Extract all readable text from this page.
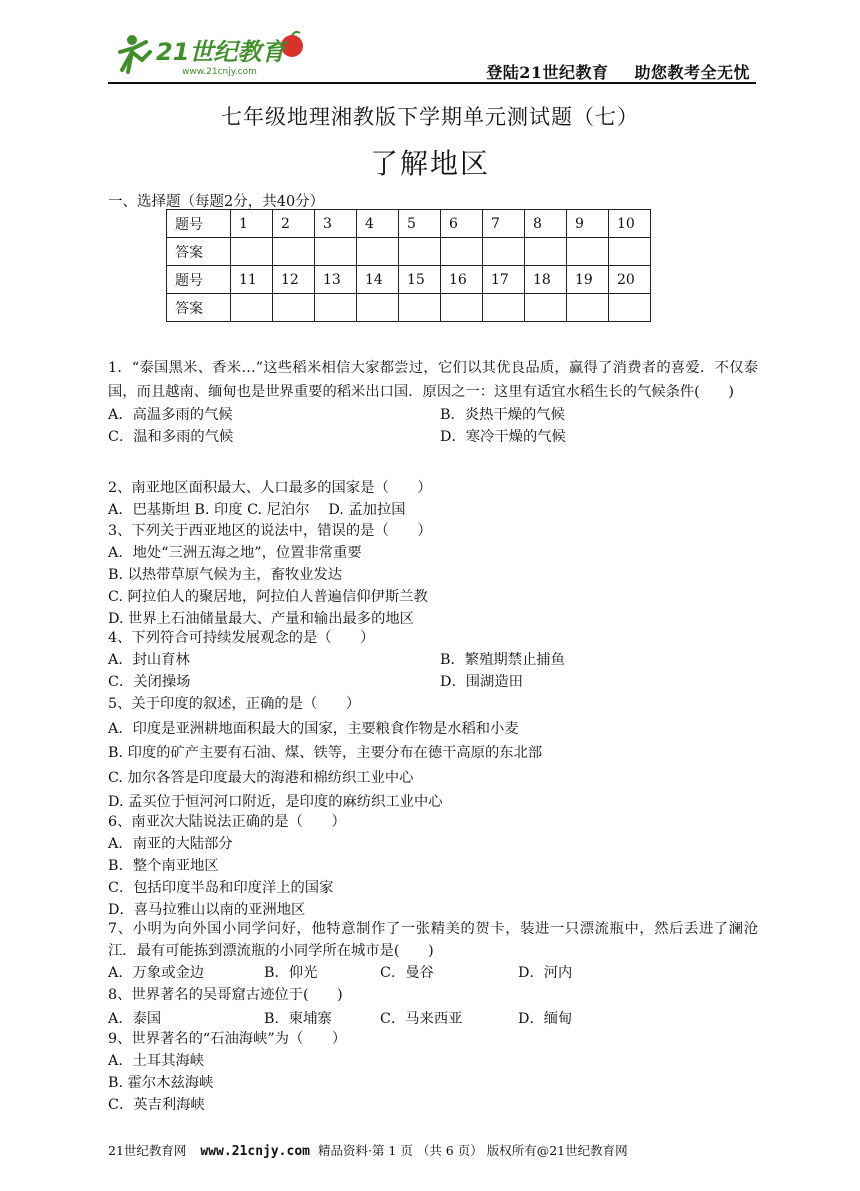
21世纪教育
www.21cnjy.com	登陆21世纪教育 助您教考全无忧
七年级地理湘教版下学期单元测试题（七）
了解地区
一、选择题（每题2分，共40分）
题号	1	2	3	4	5	6	7	8	9	10
答案										
题号	11	12	13	14	15	16	17	18	19	20
答案										

1．“泰国黑米、香米…”这些稻米相信大家都尝过，它们以其优良品质，赢得了消费者的喜爱．不仅泰国，而且越南、缅甸也是世界重要的稻米出口国．原因之一：这里有适宜水稻生长的气候条件(　　)

A．高温多雨的气候	B．炎热干燥的气候
C．温和多雨的气候	D．寒冷干燥的气候

2、南亚地区面积最大、人口最多的国家是（　　）

A．巴基斯坦 B. 印度 C. 尼泊尔　 D. 孟加拉国

3、下列关于西亚地区的说法中，错误的是（　　）

A．地处“三洲五海之地”，位置非常重要

B. 以热带草原气候为主，畜牧业发达

C. 阿拉伯人的聚居地，阿拉伯人普遍信仰伊斯兰教

D. 世界上石油储量最大、产量和输出最多的地区

4、下列符合可持续发展观念的是（　　）

A．封山育林	B．繁殖期禁止捕鱼
C．关闭操场	D．围湖造田

5、关于印度的叙述，正确的是（　　）

A．印度是亚洲耕地面积最大的国家，主要粮食作物是水稻和小麦

B. 印度的矿产主要有石油、煤、铁等，主要分布在德干高原的东北部

C. 加尔各答是印度最大的海港和棉纺织工业中心

D. 孟买位于恒河河口附近，是印度的麻纺织工业中心

6、南亚次大陆说法正确的是（　　）

A．南亚的大陆部分

B．整个南亚地区

C．包括印度半岛和印度洋上的国家

D．喜马拉雅山以南的亚洲地区

7、小明为向外国小同学问好，他特意制作了一张精美的贺卡，装进一只漂流瓶中，然后丢进了澜沧江．最有可能拣到漂流瓶的小同学所在城市是(　　)

A．万象或金边	B．仰光	C．曼谷	D．河内

8、世界著名的吴哥窟古迹位于(　　)

A．泰国	B．柬埔寨	C．马来西亚	D．缅甸

9、世界著名的“石油海峡”为（　　）

A．土耳其海峡

B. 霍尔木兹海峡

C．英吉利海峡

21世纪教育网 www.21cnjy.com 精品资料·第 1 页 （共 6 页） 版权所有@21世纪教育网
